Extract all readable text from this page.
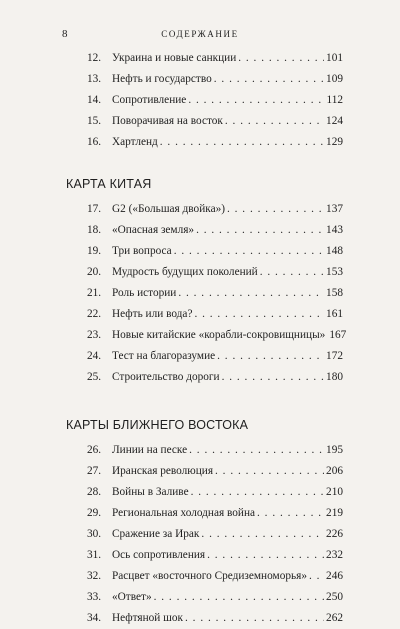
8	СОДЕРЖАНИЕ
12. Украина и новые санкции . . .	101
13. Нефть и государство . . .	109
14. Сопротивление . . .	112
15. Поворачивая на восток . . .	124
16. Хартленд . . .	129
КАРТА КИТАЯ
17. G2 («Большая двойка») . . .	137
18. «Опасная земля» . . .	143
19. Три вопроса . . .	148
20. Мудрость будущих поколений . . .	153
21. Роль истории . . .	158
22. Нефть или вода? . . .	161
23. Новые китайские «корабли-сокровищницы» 167
24. Тест на благоразумие . . .	172
25. Строительство дороги . . .	180
КАРТЫ БЛИЖНЕГО ВОСТОКА
26. Линии на песке . . .	195
27. Иранская революция . . .	206
28. Войны в Заливе . . .	210
29. Региональная холодная война . . .	219
30. Сражение за Ирак . . .	226
31. Ось сопротивления . . .	232
32. Расцвет «восточного Средиземноморья» . . . 246
33. «Ответ» . . .	250
34. Нефтяной шок . . .	262
